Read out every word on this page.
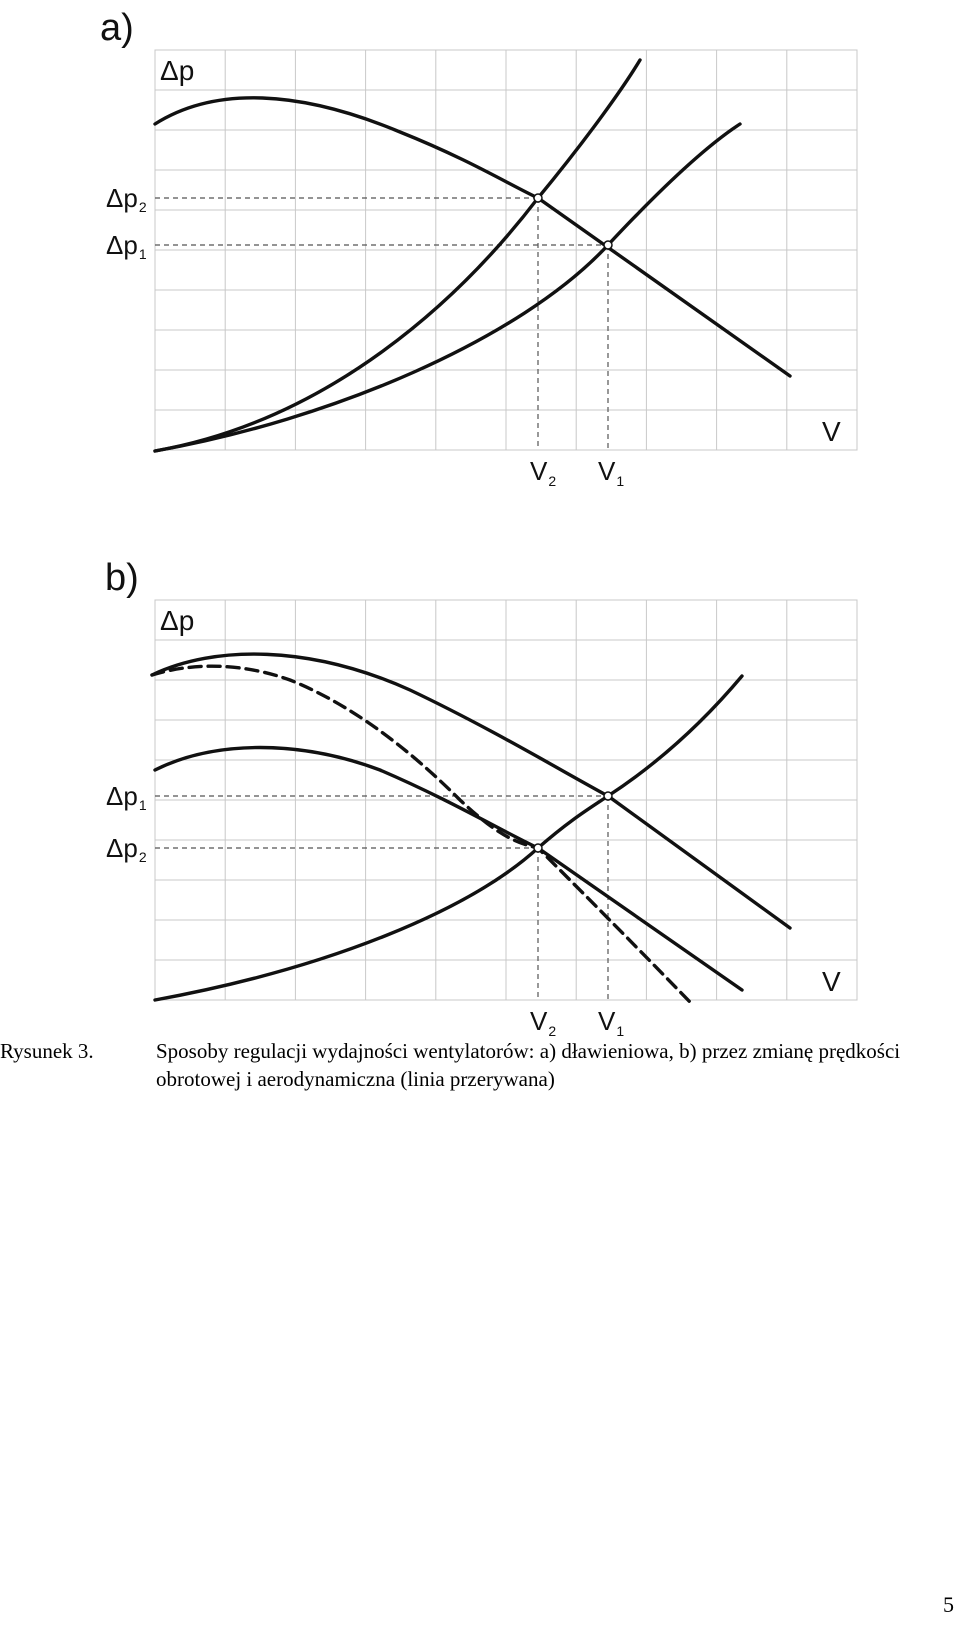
a)
Δp
V
Δp2
Δp1
$V_2$ $V_1$
b)
Δp
V
Δp1
Δp2
$V_2$ $V_1$
Rysunek 3.	Sposoby regulacji wydajności wentylatorów: a) dławieniowa, b) przez zmianę prędkości obrotowej i aerodynamiczna (linia przerywana)
5
